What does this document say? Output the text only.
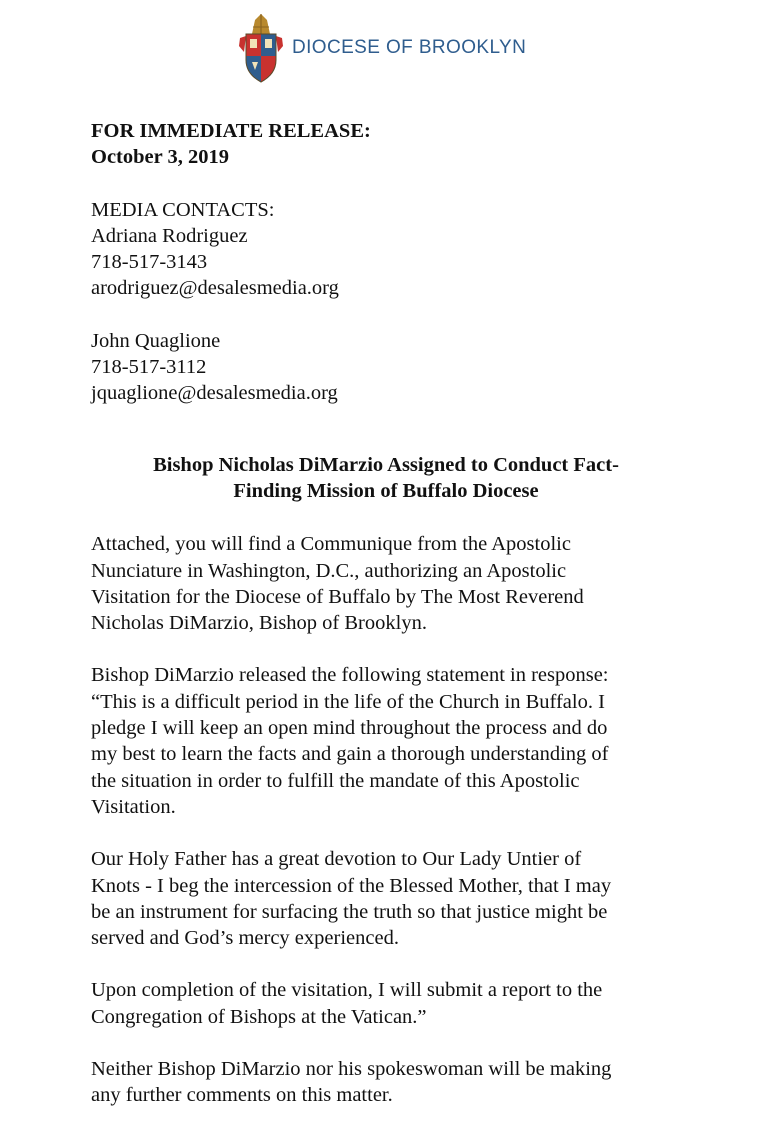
DIOCESE OF BROOKLYN
FOR IMMEDIATE RELEASE:
October 3, 2019
MEDIA CONTACTS:
Adriana Rodriguez
718-517-3143
arodriguez@desalesmedia.org
John Quaglione
718-517-3112
jquaglione@desalesmedia.org
Bishop Nicholas DiMarzio Assigned to Conduct Fact-
Finding Mission of Buffalo Diocese
Attached, you will find a Communique from the Apostolic
Nunciature in Washington, D.C., authorizing an Apostolic
Visitation for the Diocese of Buffalo by The Most Reverend
Nicholas DiMarzio, Bishop of Brooklyn.
Bishop DiMarzio released the following statement in response:
“This is a difficult period in the life of the Church in Buffalo. I
pledge I will keep an open mind throughout the process and do
my best to learn the facts and gain a thorough understanding of
the situation in order to fulfill the mandate of this Apostolic
Visitation.
Our Holy Father has a great devotion to Our Lady Untier of
Knots - I beg the intercession of the Blessed Mother, that I may
be an instrument for surfacing the truth so that justice might be
served and God’s mercy experienced.
Upon completion of the visitation, I will submit a report to the
Congregation of Bishops at the Vatican.”
Neither Bishop DiMarzio nor his spokeswoman will be making
any further comments on this matter.
